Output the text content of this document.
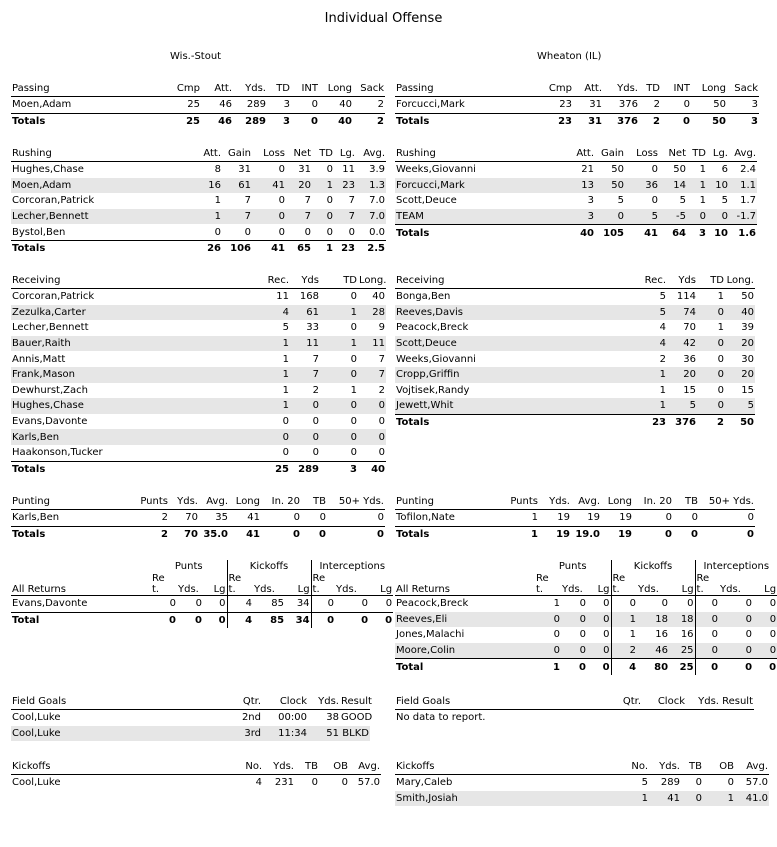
Individual Offense
Wis.-Stout	Wheaton (IL)
Passing	Cmp	Att.	Yds.	TD	INT	Long	Sack
Moen,Adam	25	46	289	3	0	40	2
Totals	25	46	289	3	0	40	2
Passing	Cmp	Att.	Yds.	TD	INT	Long	Sack
Forcucci,Mark	23	31	376	2	0	50	3
Totals	23	31	376	2	0	50	3
Rushing	Att.	Gain	Loss	Net	TD	Lg.	Avg.
Hughes,Chase	8	31	0	31	0	11	3.9
Moen,Adam	16	61	41	20	1	23	1.3
Corcoran,Patrick	1	7	0	7	0	7	7.0
Lecher,Bennett	1	7	0	7	0	7	7.0
Bystol,Ben	0	0	0	0	0	0	0.0
Totals	26	106	41	65	1	23	2.5
Rushing	Att.	Gain	Loss	Net	TD	Lg.	Avg.
Weeks,Giovanni	21	50	0	50	1	6	2.4
Forcucci,Mark	13	50	36	14	1	10	1.1
Scott,Deuce	3	5	0	5	1	5	1.7
TEAM	3	0	5	-5	0	0	-1.7
Totals	40	105	41	64	3	10	1.6
Receiving	Rec.	Yds	TD	Long.
Corcoran,Patrick	11	168	0	40
Zezulka,Carter	4	61	1	28
Lecher,Bennett	5	33	0	9
Bauer,Raith	1	11	1	11
Annis,Matt	1	7	0	7
Frank,Mason	1	7	0	7
Dewhurst,Zach	1	2	1	2
Hughes,Chase	1	0	0	0
Evans,Davonte	0	0	0	0
Karls,Ben	0	0	0	0
Haakonson,Tucker	0	0	0	0
Totals	25	289	3	40
Receiving	Rec.	Yds	TD	Long.
Bonga,Ben	5	114	1	50
Reeves,Davis	5	74	0	40
Peacock,Breck	4	70	1	39
Scott,Deuce	4	42	0	20
Weeks,Giovanni	2	36	0	30
Cropp,Griffin	1	20	0	20
Vojtisek,Randy	1	15	0	15
Jewett,Whit	1	5	0	5
Totals	23	376	2	50
Punting	Punts	Yds.	Avg.	Long	In. 20	TB	50+ Yds.
Karls,Ben	2	70	35	41	0	0	0
Totals	2	70	35.0	41	0	0	0
Punting	Punts	Yds.	Avg.	Long	In. 20	TB	50+ Yds.
Tofilon,Nate	1	19	19	19	0	0	0
Totals	1	19	19.0	19	0	0	0
	Punts			Kickoffs			Interceptions		
	Re			Re			Re		
All Returns	t.	Yds.	Lg	t.	Yds.	Lg	t.	Yds.	Lg
Evans,Davonte	0	0	0	4	85	34	0	0	0
Total	0	0	0	4	85	34	0	0	0
	Punts			Kickoffs			Interceptions		
	Re			Re			Re		
All Returns	t.	Yds.	Lg	t.	Yds.	Lg	t.	Yds.	Lg
Peacock,Breck	1	0	0	0	0	0	0	0	0
Reeves,Eli	0	0	0	1	18	18	0	0	0
Jones,Malachi	0	0	0	1	16	16	0	0	0
Moore,Colin	0	0	0	2	46	25	0	0	0
Total	1	0	0	4	80	25	0	0	0
Field Goals	Qtr.	Clock	Yds.	Result
Cool,Luke	2nd	00:00	38	GOOD
Cool,Luke	3rd	11:34	51	BLKD
Field Goals	Qtr.	Clock	Yds.	Result
No data to report.
Kickoffs	No.	Yds.	TB	OB	Avg.
Cool,Luke	4	231	0	0	57.0
Kickoffs	No.	Yds.	TB	OB	Avg.
Mary,Caleb	5	289	0	0	57.0
Smith,Josiah	1	41	0	1	41.0
